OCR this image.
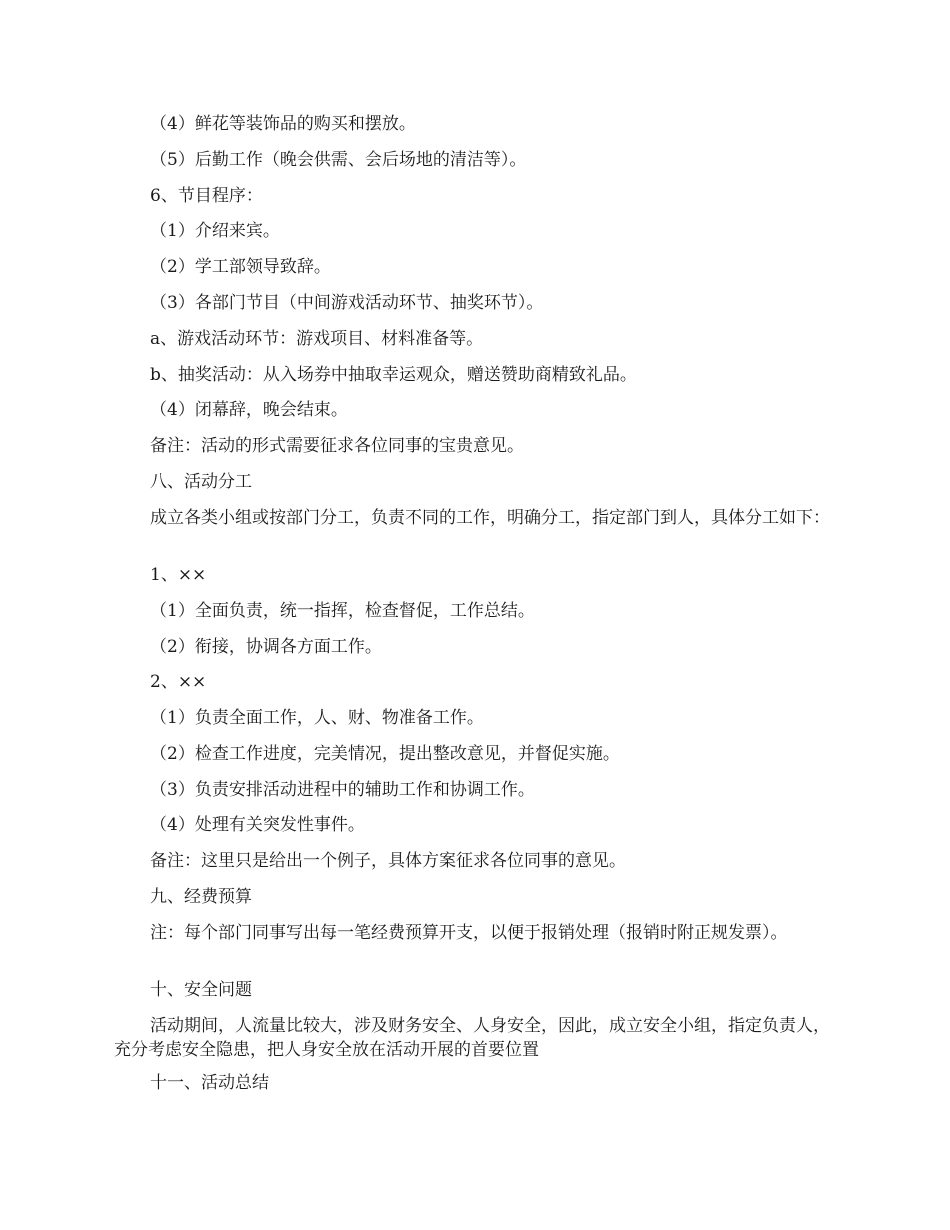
（4）鲜花等装饰品的购买和摆放。
（5）后勤工作（晚会供需、会后场地的清洁等）。
6、节目程序：
（1）介绍来宾。
（2）学工部领导致辞。
（3）各部门节目（中间游戏活动环节、抽奖环节）。
a、游戏活动环节：游戏项目、材料准备等。
b、抽奖活动：从入场券中抽取幸运观众，赠送赞助商精致礼品。
（4）闭幕辞，晚会结束。
备注：活动的形式需要征求各位同事的宝贵意见。
八、活动分工
成立各类小组或按部门分工，负责不同的工作，明确分工，指定部门到人，具体分工如下：
1、××
（1）全面负责，统一指挥，检查督促，工作总结。
（2）衔接，协调各方面工作。
2、××
（1）负责全面工作，人、财、物准备工作。
（2）检查工作进度，完美情况，提出整改意见，并督促实施。
（3）负责安排活动进程中的辅助工作和协调工作。
（4）处理有关突发性事件。
备注：这里只是给出一个例子，具体方案征求各位同事的意见。
九、经费预算
注：每个部门同事写出每一笔经费预算开支，以便于报销处理（报销时附正规发票）。
十、安全问题
活动期间，人流量比较大，涉及财务安全、人身安全，因此，成立安全小组，指定负责人，充分考虑安全隐患，把人身安全放在活动开展的首要位置
十一、活动总结
